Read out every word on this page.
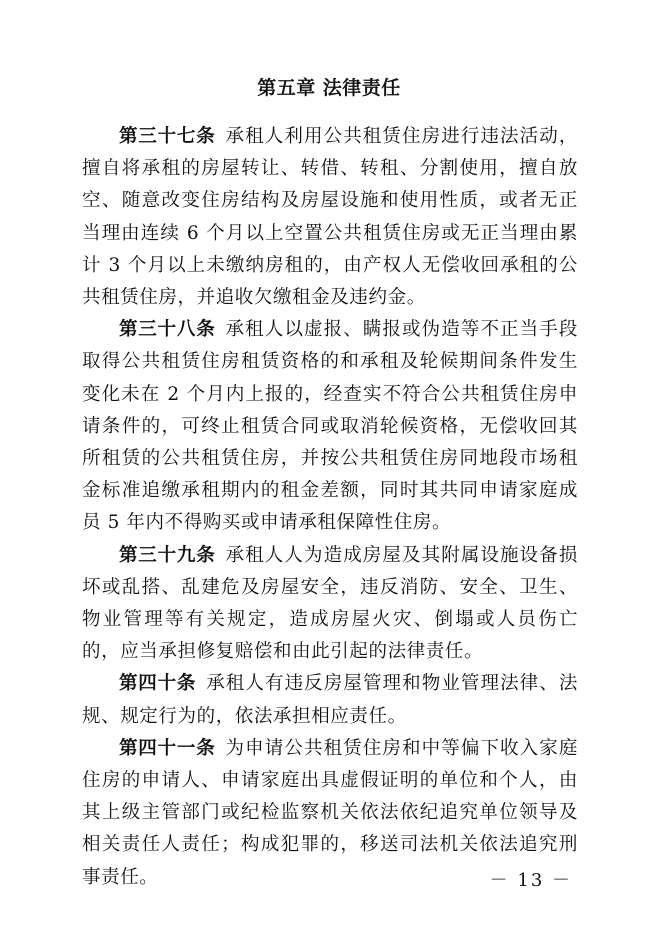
第五章 法律责任

第三十七条 承租人利用公共租赁住房进行违法活动，擅自将承租的房屋转让、转借、转租、分割使用，擅自放空、随意改变住房结构及房屋设施和使用性质，或者无正当理由连续 6 个月以上空置公共租赁住房或无正当理由累计 3 个月以上未缴纳房租的，由产权人无偿收回承租的公共租赁住房，并追收欠缴租金及违约金。

第三十八条 承租人以虚报、瞒报或伪造等不正当手段取得公共租赁住房租赁资格的和承租及轮候期间条件发生变化未在 2 个月内上报的，经查实不符合公共租赁住房申请条件的，可终止租赁合同或取消轮候资格，无偿收回其所租赁的公共租赁住房，并按公共租赁住房同地段市场租金标准追缴承租期内的租金差额，同时其共同申请家庭成员 5 年内不得购买或申请承租保障性住房。

第三十九条 承租人人为造成房屋及其附属设施设备损坏或乱搭、乱建危及房屋安全，违反消防、安全、卫生、物业管理等有关规定，造成房屋火灾、倒塌或人员伤亡的，应当承担修复赔偿和由此引起的法律责任。

第四十条 承租人有违反房屋管理和物业管理法律、法规、规定行为的，依法承担相应责任。

第四十一条 为申请公共租赁住房和中等偏下收入家庭住房的申请人、申请家庭出具虚假证明的单位和个人，由其上级主管部门或纪检监察机关依法依纪追究单位领导及相关责任人责任；构成犯罪的，移送司法机关依法追究刑事责任。	－ 13 －
